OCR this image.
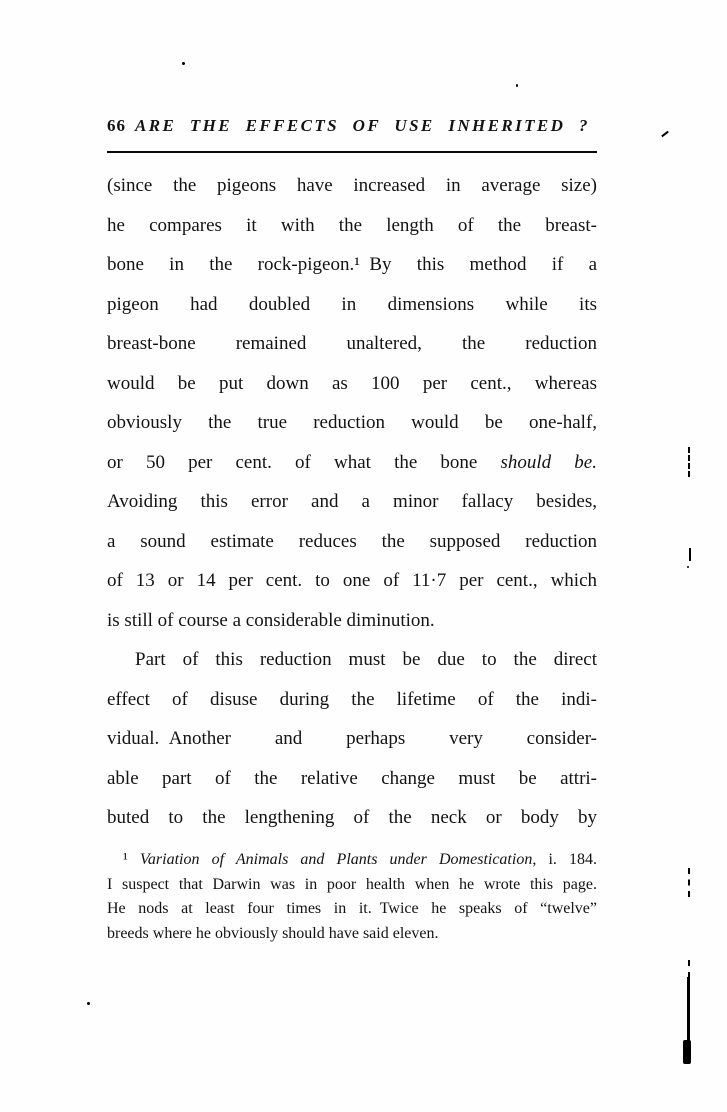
66 ARE THE EFFECTS OF USE INHERITED ?
(since the pigeons have increased in average size)
he compares it with the length of the breast-
bone in the rock-pigeon.¹ By this method if a
pigeon had doubled in dimensions while its
breast-bone remained unaltered, the reduction
would be put down as 100 per cent., whereas
obviously the true reduction would be one-half,
or 50 per cent. of what the bone should be.
Avoiding this error and a minor fallacy besides,
a sound estimate reduces the supposed reduction
of 13 or 14 per cent. to one of 11·7 per cent., which
is still of course a considerable diminution.
Part of this reduction must be due to the direct
effect of disuse during the lifetime of the indi-
vidual. Another and perhaps very consider-
able part of the relative change must be attri-
buted to the lengthening of the neck or body by
¹ Variation of Animals and Plants under Domestication, i. 184.
I suspect that Darwin was in poor health when he wrote this page.
He nods at least four times in it. Twice he speaks of “twelve”
breeds where he obviously should have said eleven.
